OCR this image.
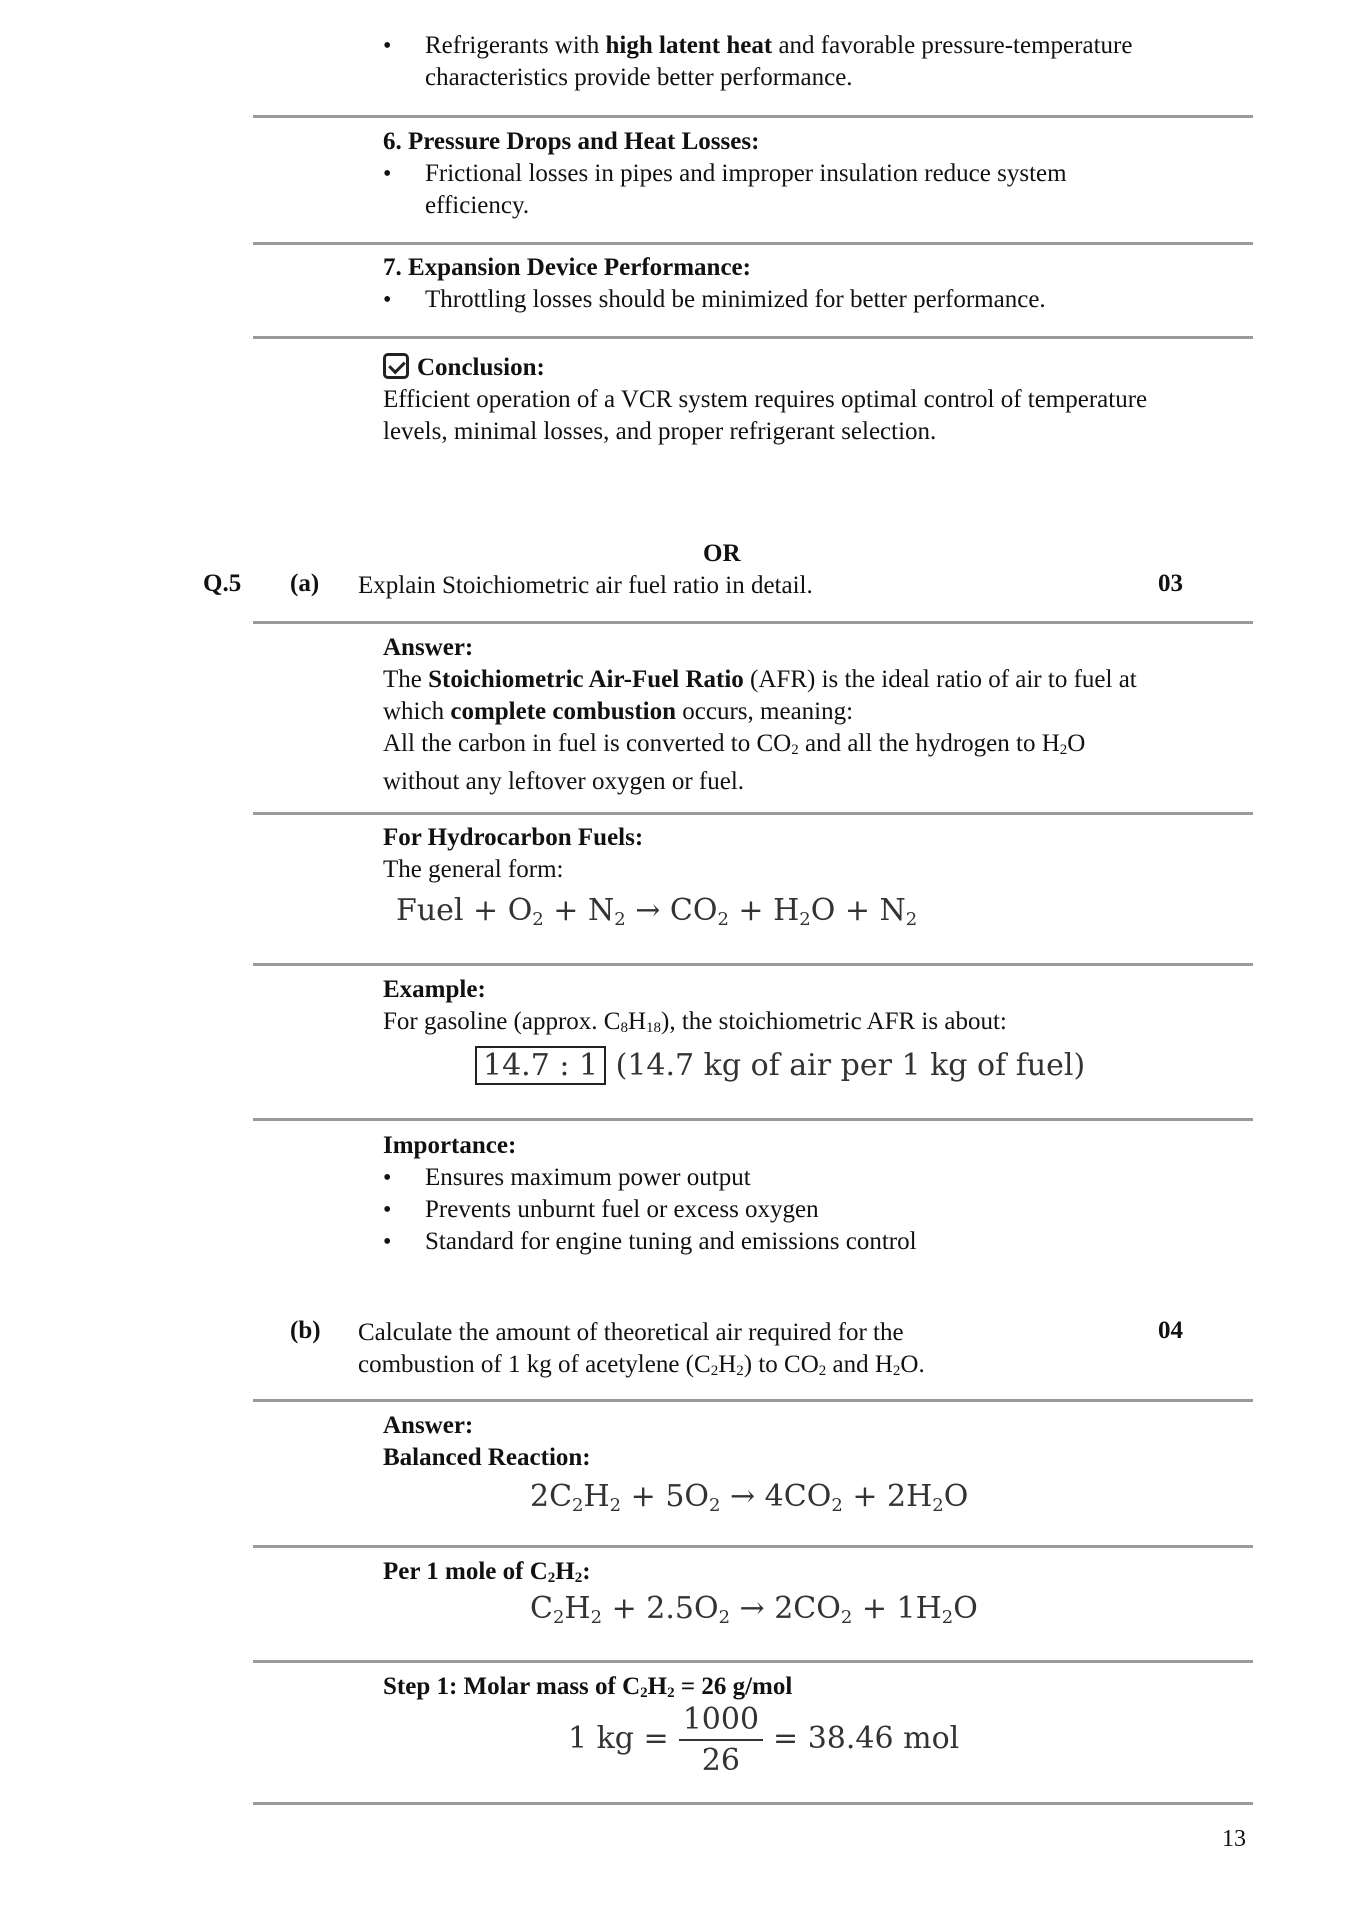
• Refrigerants with high latent heat and favorable pressure-temperature characteristics provide better performance.
6. Pressure Drops and Heat Losses:
• Frictional losses in pipes and improper insulation reduce system efficiency.
7. Expansion Device Performance:
• Throttling losses should be minimized for better performance.
Conclusion:
Efficient operation of a VCR system requires optimal control of temperature levels, minimal losses, and proper refrigerant selection.
OR
Q.5 (a) Explain Stoichiometric air fuel ratio in detail.	03
Answer:
The Stoichiometric Air-Fuel Ratio (AFR) is the ideal ratio of air to fuel at which complete combustion occurs, meaning:
All the carbon in fuel is converted to $CO_2$ and all the hydrogen to $H_2O$ without any leftover oxygen or fuel.
For Hydrocarbon Fuels:
The general form:
Fuel + $O_2 + N_2 \to CO_2 + H_2O + N_2$
Example:
For gasoline (approx. $C_8H_{18}$), the stoichiometric AFR is about:
14.7 : 1 (14.7 kg of air per 1 kg of fuel)
Importance:
• Ensures maximum power output
• Prevents unburnt fuel or excess oxygen
• Standard for engine tuning and emissions control
(b) Calculate the amount of theoretical air required for the
combustion of 1 kg of acetylene $(C_2H_2)$ to $CO_2$ and $H_2O$.
04
Answer:
Balanced Reaction:
$2C_2H_2 + 5O_2 \to 4CO_2 + 2H_2O$
Per 1 mole of $C_2H_2$:
$C_2H_2 + 2.5O_2 \to 2CO_2 + 1H_2O$
Step 1: Molar mass of $C_2H_2 = 26$ g/mol
1 kg = $\frac{1000}{26} = 38.46$ mol
13
